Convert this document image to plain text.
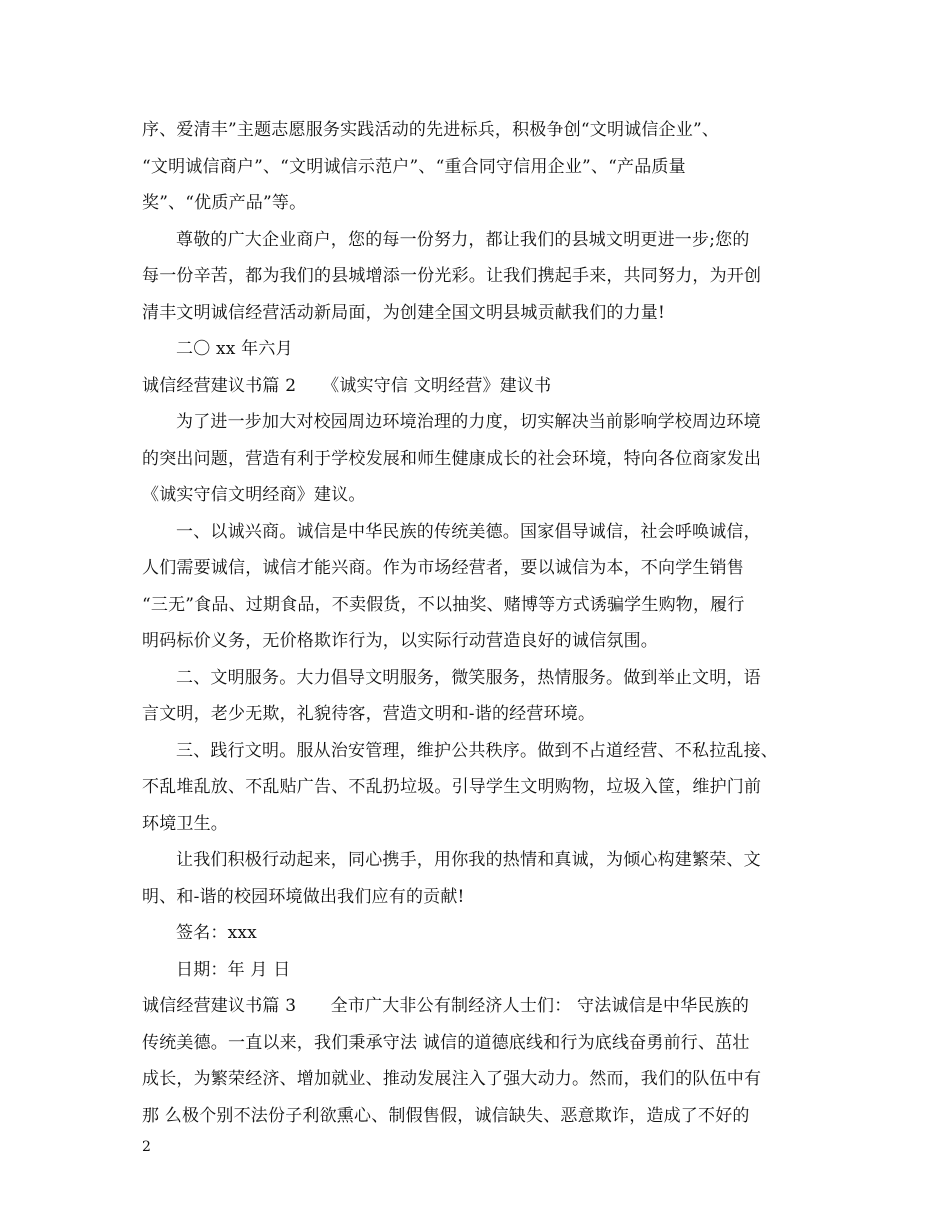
序、爱清丰”主题志愿服务实践活动的先进标兵，积极争创“文明诚信企业”、
“文明诚信商户”、“文明诚信示范户”、“重合同守信用企业”、“产品质量
奖”、“优质产品”等。
尊敬的广大企业商户，您的每一份努力，都让我们的县城文明更进一步;您的
每一份辛苦，都为我们的县城增添一份光彩。让我们携起手来，共同努力，为开创
清丰文明诚信经营活动新局面，为创建全国文明县城贡献我们的力量!
二〇 xx 年六月
诚信经营建议书篇 2　　《诚实守信 文明经营》建议书
为了进一步加大对校园周边环境治理的力度，切实解决当前影响学校周边环境
的突出问题，营造有利于学校发展和师生健康成长的社会环境，特向各位商家发出
《诚实守信文明经商》建议。
一、以诚兴商。诚信是中华民族的传统美德。国家倡导诚信，社会呼唤诚信，
人们需要诚信，诚信才能兴商。作为市场经营者，要以诚信为本，不向学生销售
“三无”食品、过期食品，不卖假货，不以抽奖、赌博等方式诱骗学生购物，履行
明码标价义务，无价格欺诈行为，以实际行动营造良好的诚信氛围。
二、文明服务。大力倡导文明服务，微笑服务，热情服务。做到举止文明，语
言文明，老少无欺，礼貌待客，营造文明和-谐的经营环境。
三、践行文明。服从治安管理，维护公共秩序。做到不占道经营、不私拉乱接、
不乱堆乱放、不乱贴广告、不乱扔垃圾。引导学生文明购物，垃圾入筐，维护门前
环境卫生。
让我们积极行动起来，同心携手，用你我的热情和真诚，为倾心构建繁荣、文
明、和-谐的校园环境做出我们应有的贡献!
签名：xxx
日期：年 月 日
诚信经营建议书篇 3　　全市广大非公有制经济人士们： 守法诚信是中华民族的
传统美德。一直以来，我们秉承守法 诚信的道德底线和行为底线奋勇前行、茁壮
成长，为繁荣经济、增加就业、推动发展注入了强大动力。然而，我们的队伍中有
那 么极个别不法份子利欲熏心、制假售假，诚信缺失、恶意欺诈，造成了不好的
2
